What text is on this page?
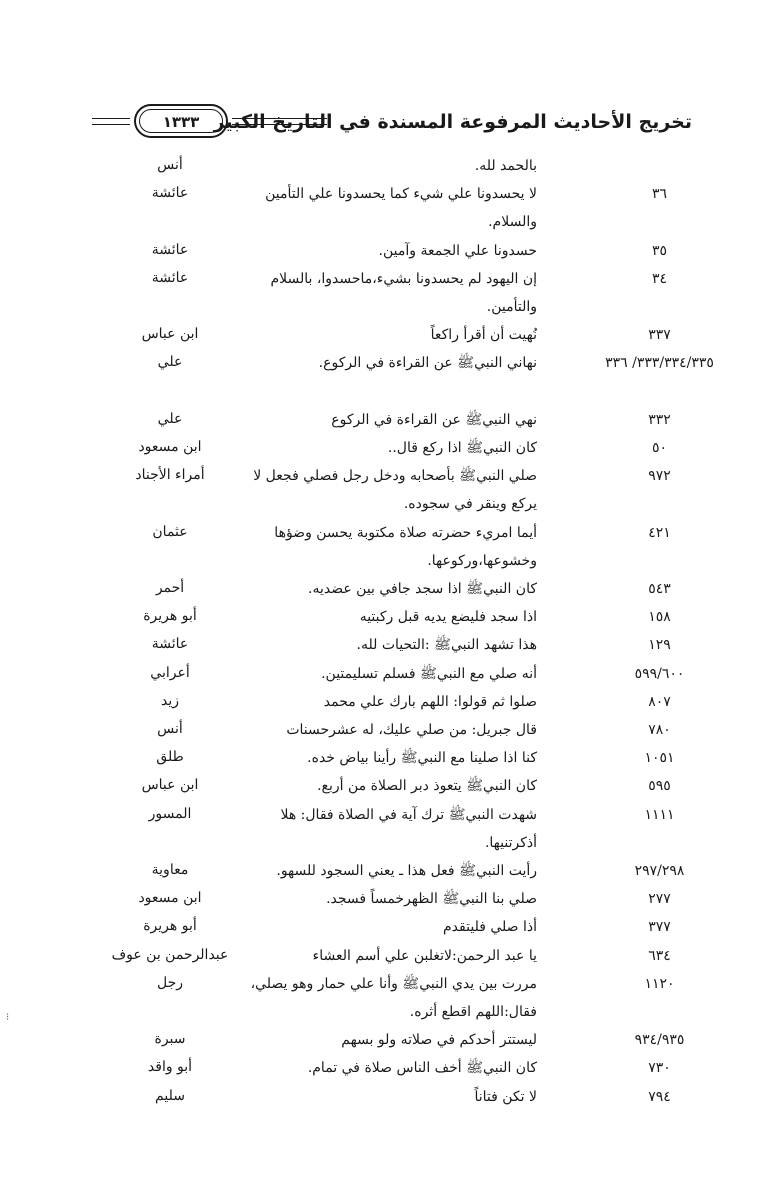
١٣٣٣ تخريج الأحاديث المرفوعة المسندة في التاريخ الكبير
بالحمد لله.
أنس
٣٦
لا يحسدونا علي شيء كما يحسدونا علي التأمين والسلام.
عائشة
٣٥
حسدونا علي الجمعة وآمين.
عائشة
٣٤
إن اليهود لم يحسدونا بشيء،ماحسدوا، بالسلام والتأمين.
عائشة
٣٣٧
نُهيت أن أقرأ راكعاً
ابن عباس
٣٣٣/٣٣٤/٣٣٥/ ٣٣٦
نهاني النبيﷺ عن القراءة في الركوع.
علي
٣٣٢
نهي النبيﷺ عن القراءة في الركوع
علي
٥٠
كان النبيﷺ اذا ركع قال..
ابن مسعود
٩٧٢
صلي النبيﷺ بأصحابه ودخل رجل فصلي فجعل لا يركع وينقر في سجوده.
أمراء الأجناد
٤٢١
أيما امريء حضرته صلاة مكتوبة يحسن وضؤها وخشوعها،وركوعها.
عثمان
٥٤٣
كان النبيﷺ اذا سجد جافي بين عضديه.
أحمر
١٥٨
اذا سجد فليضع يديه قبل ركبتيه
أبو هريرة
١٢٩
هذا تشهد النبيﷺ :التحيات لله.
عائشة
٥٩٩/٦٠٠
أنه صلي مع النبيﷺ فسلم تسليمتين.
أعرابي
٨٠٧
صلوا ثم قولوا: اللهم بارك علي محمد
زيد
٧٨٠
قال جبريل: من صلي عليك، له عشرحسنات
أنس
١٠٥١
كنا اذا صلينا مع النبيﷺ رأينا بياض خده.
طلق
٥٩٥
كان النبيﷺ يتعوذ دبر الصلاة من أربع.
ابن عباس
١١١١
شهدت النبيﷺ ترك آية في الصلاة فقال: هلا أذكرتنيها.
المسور
٢٩٧/٢٩٨
رأيت النبيﷺ فعل هذا ـ يعني السجود للسهو.
معاوية
٢٧٧
صلي بنا النبيﷺ الظهرخمساً فسجد.
ابن مسعود
٣٧٧
أذا صلي فليتقدم
أبو هريرة
٦٣٤
يا عبد الرحمن:لاتغلبن علي أسم العشاء
عبدالرحمن بن عوف
١١٢٠
مررت بين يدي النبيﷺ وأنا علي حمار وهو يصلي، فقال:اللهم اقطع أثره.
رجل
٩٣٤/٩٣٥
ليستتر أحدكم في صلاته ولو بسهم
سبرة
٧٣٠
كان النبيﷺ أخف الناس صلاة في تمام.
أبو واقد
٧٩٤
لا تكن فتاناً
سليم
⁝
